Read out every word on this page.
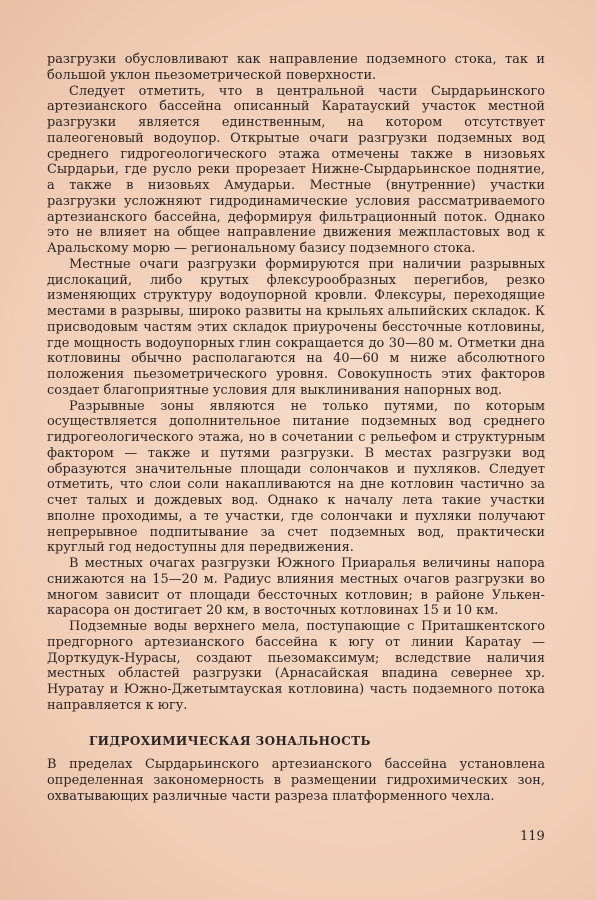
разгрузки обусловливают как направление подземного стока, так и большой уклон пьезометрической поверхности.

Следует отметить, что в центральной части Сырдарьинского артезианского бассейна описанный Каратауский участок местной разгрузки является единственным, на котором отсутствует палеогеновый водоупор. Открытые очаги разгрузки подземных вод среднего гидрогеологического этажа отмечены также в низовьях Сырдарьи, где русло реки прорезает Нижне-Сырдарьинское поднятие, а также в низовьях Амударьи. Местные (внутренние) участки разгрузки усложняют гидродинамические условия рассматриваемого артезианского бассейна, деформируя фильтрационный поток. Однако это не влияет на общее направление движения межпластовых вод к Аральскому морю — региональному базису подземного стока.

Местные очаги разгрузки формируются при наличии разрывных дислокаций, либо крутых флексурообразных перегибов, резко изменяющих структуру водоупорной кровли. Флексуры, переходящие местами в разрывы, широко развиты на крыльях альпийских складок. К присводовым частям этих складок приурочены бессточные котловины, где мощность водоупорных глин сокращается до 30—80 м. Отметки дна котловины обычно располагаются на 40—60 м ниже абсолютного положения пьезометрического уровня. Совокупность этих факторов создает благоприятные условия для выклинивания напорных вод.

Разрывные зоны являются не только путями, по которым осуществляется дополнительное питание подземных вод среднего гидрогеологического этажа, но в сочетании с рельефом и структурным фактором — также и путями разгрузки. В местах разгрузки вод образуются значительные площади солончаков и пухляков. Следует отметить, что слои соли накапливаются на дне котловин частично за счет талых и дождевых вод. Однако к началу лета такие участки вполне проходимы, а те участки, где солончаки и пухляки получают непрерывное подпитывание за счет подземных вод, практически круглый год недоступны для передвижения.

В местных очагах разгрузки Южного Приаралья величины напора снижаются на 15—20 м. Радиус влияния местных очагов разгрузки во многом зависит от площади бессточных котловин; в районе Улькен-карасора он достигает 20 км, в восточных котловинах 15 и 10 км.

Подземные воды верхнего мела, поступающие с Приташкентского предгорного артезианского бассейна к югу от линии Каратау — Дорткудук-Нурасы, создают пьезомаксимум; вследствие наличия местных областей разгрузки (Арнасайская впадина севернее хр. Нуратау и Южно-Джетымтауская котловина) часть подземного потока направляется к югу.

ГИДРОХИМИЧЕСКАЯ ЗОНАЛЬНОСТЬ

В пределах Сырдарьинского артезианского бассейна установлена определенная закономерность в размещении гидрохимических зон, охватывающих различные части разреза платформенного чехла.

119
